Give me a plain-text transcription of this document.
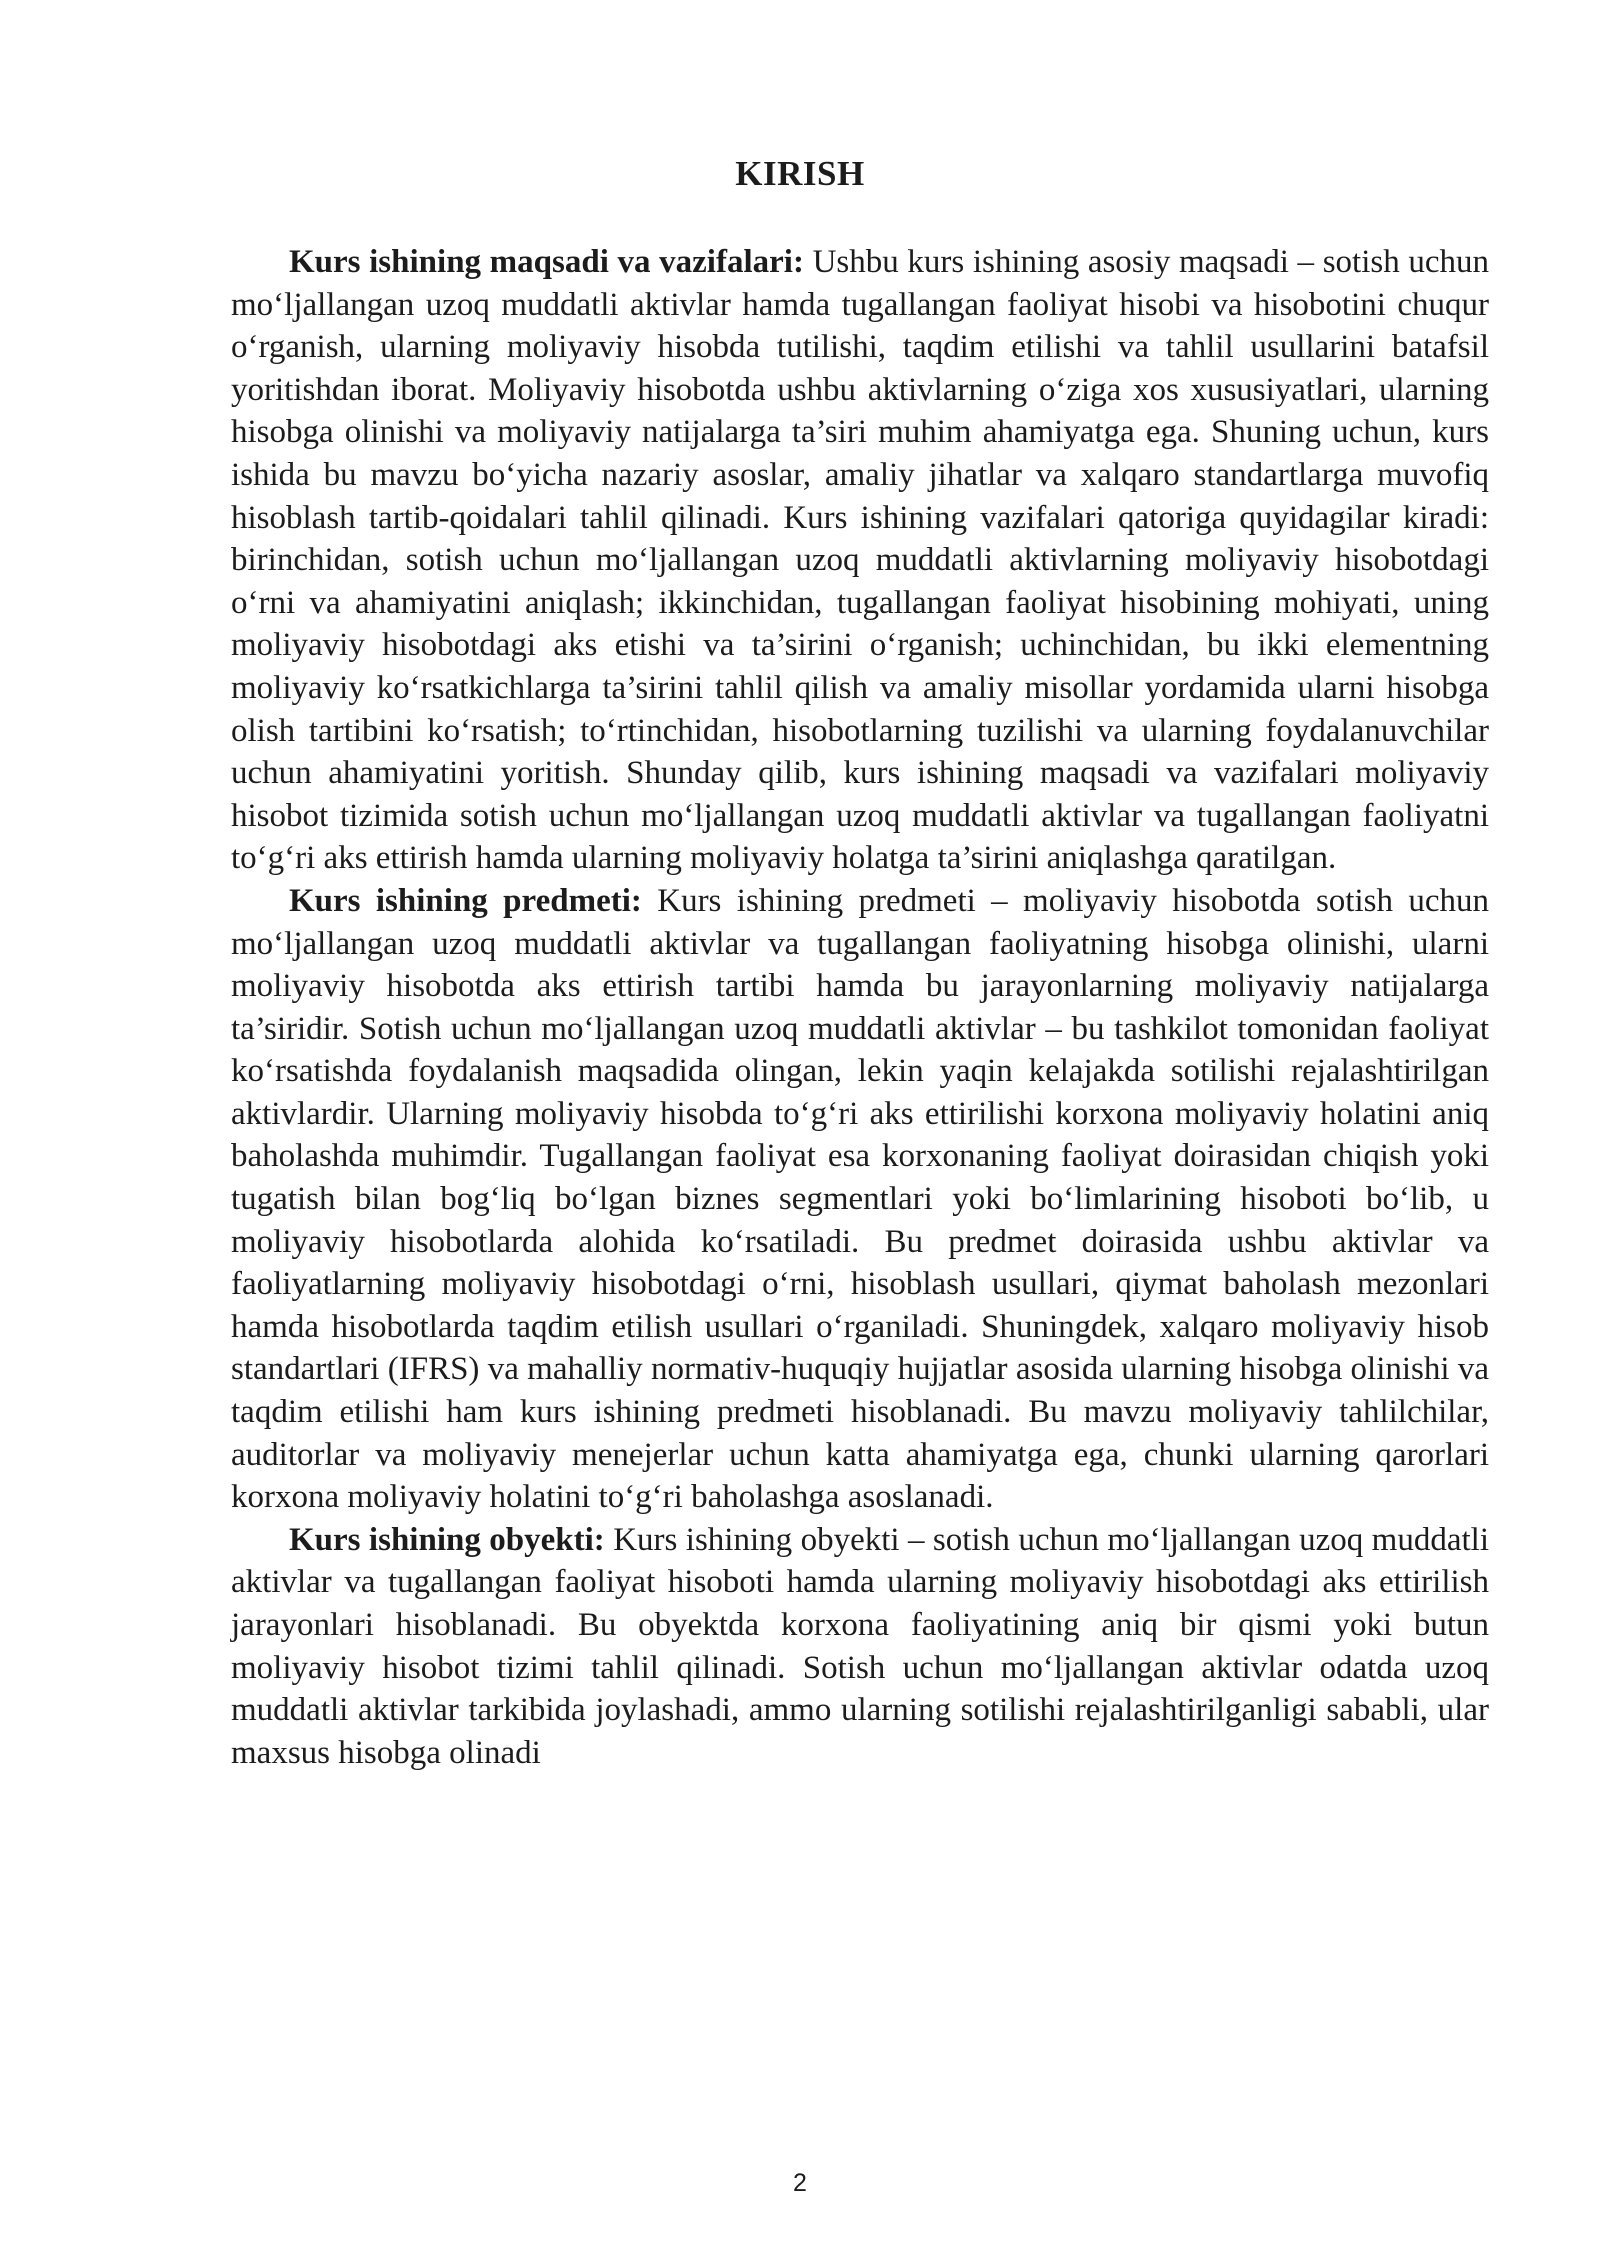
KIRISH

Kurs ishining maqsadi va vazifalari: Ushbu kurs ishining asosiy maqsadi – sotish uchun mo‘ljallangan uzoq muddatli aktivlar hamda tugallangan faoliyat hisobi va hisobotini chuqur o‘rganish, ularning moliyaviy hisobda tutilishi, taqdim etilishi va tahlil usullarini batafsil yoritishdan iborat. Moliyaviy hisobotda ushbu aktivlarning o‘ziga xos xususiyatlari, ularning hisobga olinishi va moliyaviy natijalarga ta’siri muhim ahamiyatga ega. Shuning uchun, kurs ishida bu mavzu bo‘yicha nazariy asoslar, amaliy jihatlar va xalqaro standartlarga muvofiq hisoblash tartib-qoidalari tahlil qilinadi. Kurs ishining vazifalari qatoriga quyidagilar kiradi: birinchidan, sotish uchun mo‘ljallangan uzoq muddatli aktivlarning moliyaviy hisobotdagi o‘rni va ahamiyatini aniqlash; ikkinchidan, tugallangan faoliyat hisobining mohiyati, uning moliyaviy hisobotdagi aks etishi va ta’sirini o‘rganish; uchinchidan, bu ikki elementning moliyaviy ko‘rsatkichlarga ta’sirini tahlil qilish va amaliy misollar yordamida ularni hisobga olish tartibini ko‘rsatish; to‘rtinchidan, hisobotlarning tuzilishi va ularning foydalanuvchilar uchun ahamiyatini yoritish. Shunday qilib, kurs ishining maqsadi va vazifalari moliyaviy hisobot tizimida sotish uchun mo‘ljallangan uzoq muddatli aktivlar va tugallangan faoliyatni to‘g‘ri aks ettirish hamda ularning moliyaviy holatga ta’sirini aniqlashga qaratilgan.

Kurs ishining predmeti: Kurs ishining predmeti – moliyaviy hisobotda sotish uchun mo‘ljallangan uzoq muddatli aktivlar va tugallangan faoliyatning hisobga olinishi, ularni moliyaviy hisobotda aks ettirish tartibi hamda bu jarayonlarning moliyaviy natijalarga ta’siridir. Sotish uchun mo‘ljallangan uzoq muddatli aktivlar – bu tashkilot tomonidan faoliyat ko‘rsatishda foydalanish maqsadida olingan, lekin yaqin kelajakda sotilishi rejalashtirilgan aktivlardir. Ularning moliyaviy hisobda to‘g‘ri aks ettirilishi korxona moliyaviy holatini aniq baholashda muhimdir. Tugallangan faoliyat esa korxonaning faoliyat doirasidan chiqish yoki tugatish bilan bog‘liq bo‘lgan biznes segmentlari yoki bo‘limlarining hisoboti bo‘lib, u moliyaviy hisobotlarda alohida ko‘rsatiladi. Bu predmet doirasida ushbu aktivlar va faoliyatlarning moliyaviy hisobotdagi o‘rni, hisoblash usullari, qiymat baholash mezonlari hamda hisobotlarda taqdim etilish usullari o‘rganiladi. Shuningdek, xalqaro moliyaviy hisob standartlari (IFRS) va mahalliy normativ-huquqiy hujjatlar asosida ularning hisobga olinishi va taqdim etilishi ham kurs ishining predmeti hisoblanadi. Bu mavzu moliyaviy tahlilchilar, auditorlar va moliyaviy menejerlar uchun katta ahamiyatga ega, chunki ularning qarorlari korxona moliyaviy holatini to‘g‘ri baholashga asoslanadi.

Kurs ishining obyekti: Kurs ishining obyekti – sotish uchun mo‘ljallangan uzoq muddatli aktivlar va tugallangan faoliyat hisoboti hamda ularning moliyaviy hisobotdagi aks ettirilish jarayonlari hisoblanadi. Bu obyektda korxona faoliyatining aniq bir qismi yoki butun moliyaviy hisobot tizimi tahlil qilinadi. Sotish uchun mo‘ljallangan aktivlar odatda uzoq muddatli aktivlar tarkibida joylashadi, ammo ularning sotilishi rejalashtirilganligi sababli, ular maxsus hisobga olinadi

2
